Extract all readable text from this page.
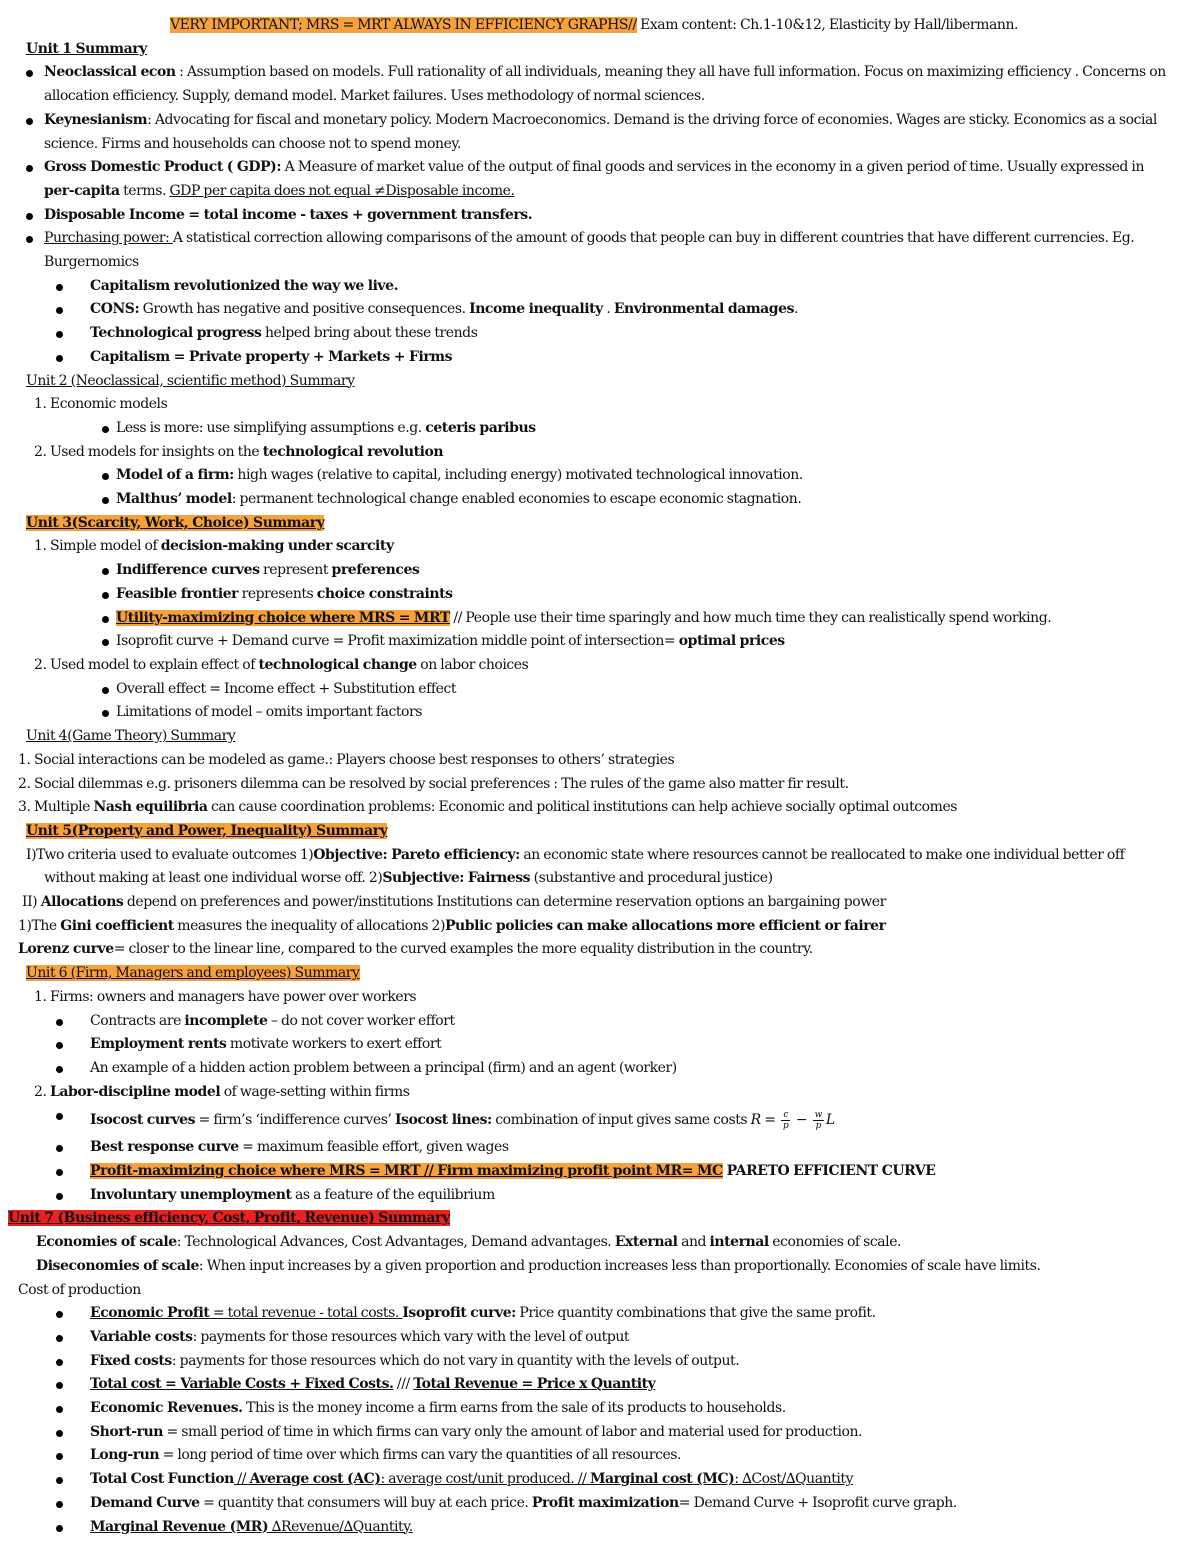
VERY IMPORTANT; MRS = MRT ALWAYS IN EFFICIENCY GRAPHS// Exam content: Ch.1-10&12, Elasticity by Hall/libermann.

Unit 1 Summary

Neoclassical econ : Assumption based on models. Full rationality of all individuals, meaning they all have full information. Focus on maximizing efficiency . Concerns on allocation efficiency. Supply, demand model. Market failures. Uses methodology of normal sciences.

Keynesianism: Advocating for fiscal and monetary policy. Modern Macroeconomics. Demand is the driving force of economies. Wages are sticky. Economics as a social science. Firms and households can choose not to spend money.

Gross Domestic Product ( GDP): A Measure of market value of the output of final goods and services in the economy in a given period of time. Usually expressed in per-capita terms. GDP per capita does not equal ≠Disposable income.

Disposable Income = total income - taxes + government transfers.

Purchasing power: A statistical correction allowing comparisons of the amount of goods that people can buy in different countries that have different currencies. Eg. Burgernomics

Capitalism revolutionized the way we live.

CONS: Growth has negative and positive consequences. Income inequality . Environmental damages.

Technological progress helped bring about these trends

Capitalism = Private property + Markets + Firms

Unit 2 (Neoclassical, scientific method) Summary

1. Economic models

Less is more: use simplifying assumptions e.g. ceteris paribus

2. Used models for insights on the technological revolution

Model of a firm: high wages (relative to capital, including energy) motivated technological innovation.

Malthus’ model: permanent technological change enabled economies to escape economic stagnation.

Unit 3(Scarcity, Work, Choice) Summary

1. Simple model of decision-making under scarcity

Indifference curves represent preferences

Feasible frontier represents choice constraints

Utility-maximizing choice where MRS = MRT // People use their time sparingly and how much time they can realistically spend working.

Isoprofit curve + Demand curve = Profit maximization middle point of intersection= optimal prices

2. Used model to explain effect of technological change on labor choices

Overall effect = Income effect + Substitution effect

Limitations of model – omits important factors

Unit 4(Game Theory) Summary

1. Social interactions can be modeled as game.: Players choose best responses to others’ strategies

2. Social dilemmas e.g. prisoners dilemma can be resolved by social preferences : The rules of the game also matter fir result.

3. Multiple Nash equilibria can cause coordination problems: Economic and political institutions can help achieve socially optimal outcomes

Unit 5(Property and Power, Inequality) Summary

I)Two criteria used to evaluate outcomes 1)Objective: Pareto efficiency: an economic state where resources cannot be reallocated to make one individual better off without making at least one individual worse off. 2)Subjective: Fairness (substantive and procedural justice)

II) Allocations depend on preferences and power/institutions Institutions can determine reservation options an bargaining power

1)The Gini coefficient measures the inequality of allocations 2)Public policies can make allocations more efficient or fairer

Lorenz curve= closer to the linear line, compared to the curved examples the more equality distribution in the country.

Unit 6 (Firm, Managers and employees) Summary

1. Firms: owners and managers have power over workers

Contracts are incomplete – do not cover worker effort

Employment rents motivate workers to exert effort

An example of a hidden action problem between a principal (firm) and an agent (worker)

2. Labor-discipline model of wage-setting within firms

Isocost curves = firm’s ‘indifference curves’ Isocost lines: combination of input gives same costs $R = \frac{c}{p} - \frac{w}{p}$ L

Best response curve = maximum feasible effort, given wages

Profit-maximizing choice where MRS = MRT // Firm maximizing profit point MR= MC PARETO EFFICIENT CURVE

Involuntary unemployment as a feature of the equilibrium

Unit 7 (Business efficiency, Cost, Profit, Revenue) Summary

Economies of scale: Technological Advances, Cost Advantages, Demand advantages. External and internal economies of scale.

Diseconomies of scale: When input increases by a given proportion and production increases less than proportionally. Economies of scale have limits.

Cost of production

Economic Profit = total revenue - total costs. Isoprofit curve: Price quantity combinations that give the same profit.

Variable costs: payments for those resources which vary with the level of output

Fixed costs: payments for those resources which do not vary in quantity with the levels of output.

Total cost = Variable Costs + Fixed Costs. /// Total Revenue = Price x Quantity

Economic Revenues. This is the money income a firm earns from the sale of its products to households.

Short-run = small period of time in which firms can vary only the amount of labor and material used for production.

Long-run = long period of time over which firms can vary the quantities of all resources.

Total Cost Function // Average cost (AC): average cost/unit produced. // Marginal cost (MC): ∆Cost/∆Quantity

Demand Curve = quantity that consumers will buy at each price. Profit maximization= Demand Curve + Isoprofit curve graph.

Marginal Revenue (MR) ∆Revenue/∆Quantity.
